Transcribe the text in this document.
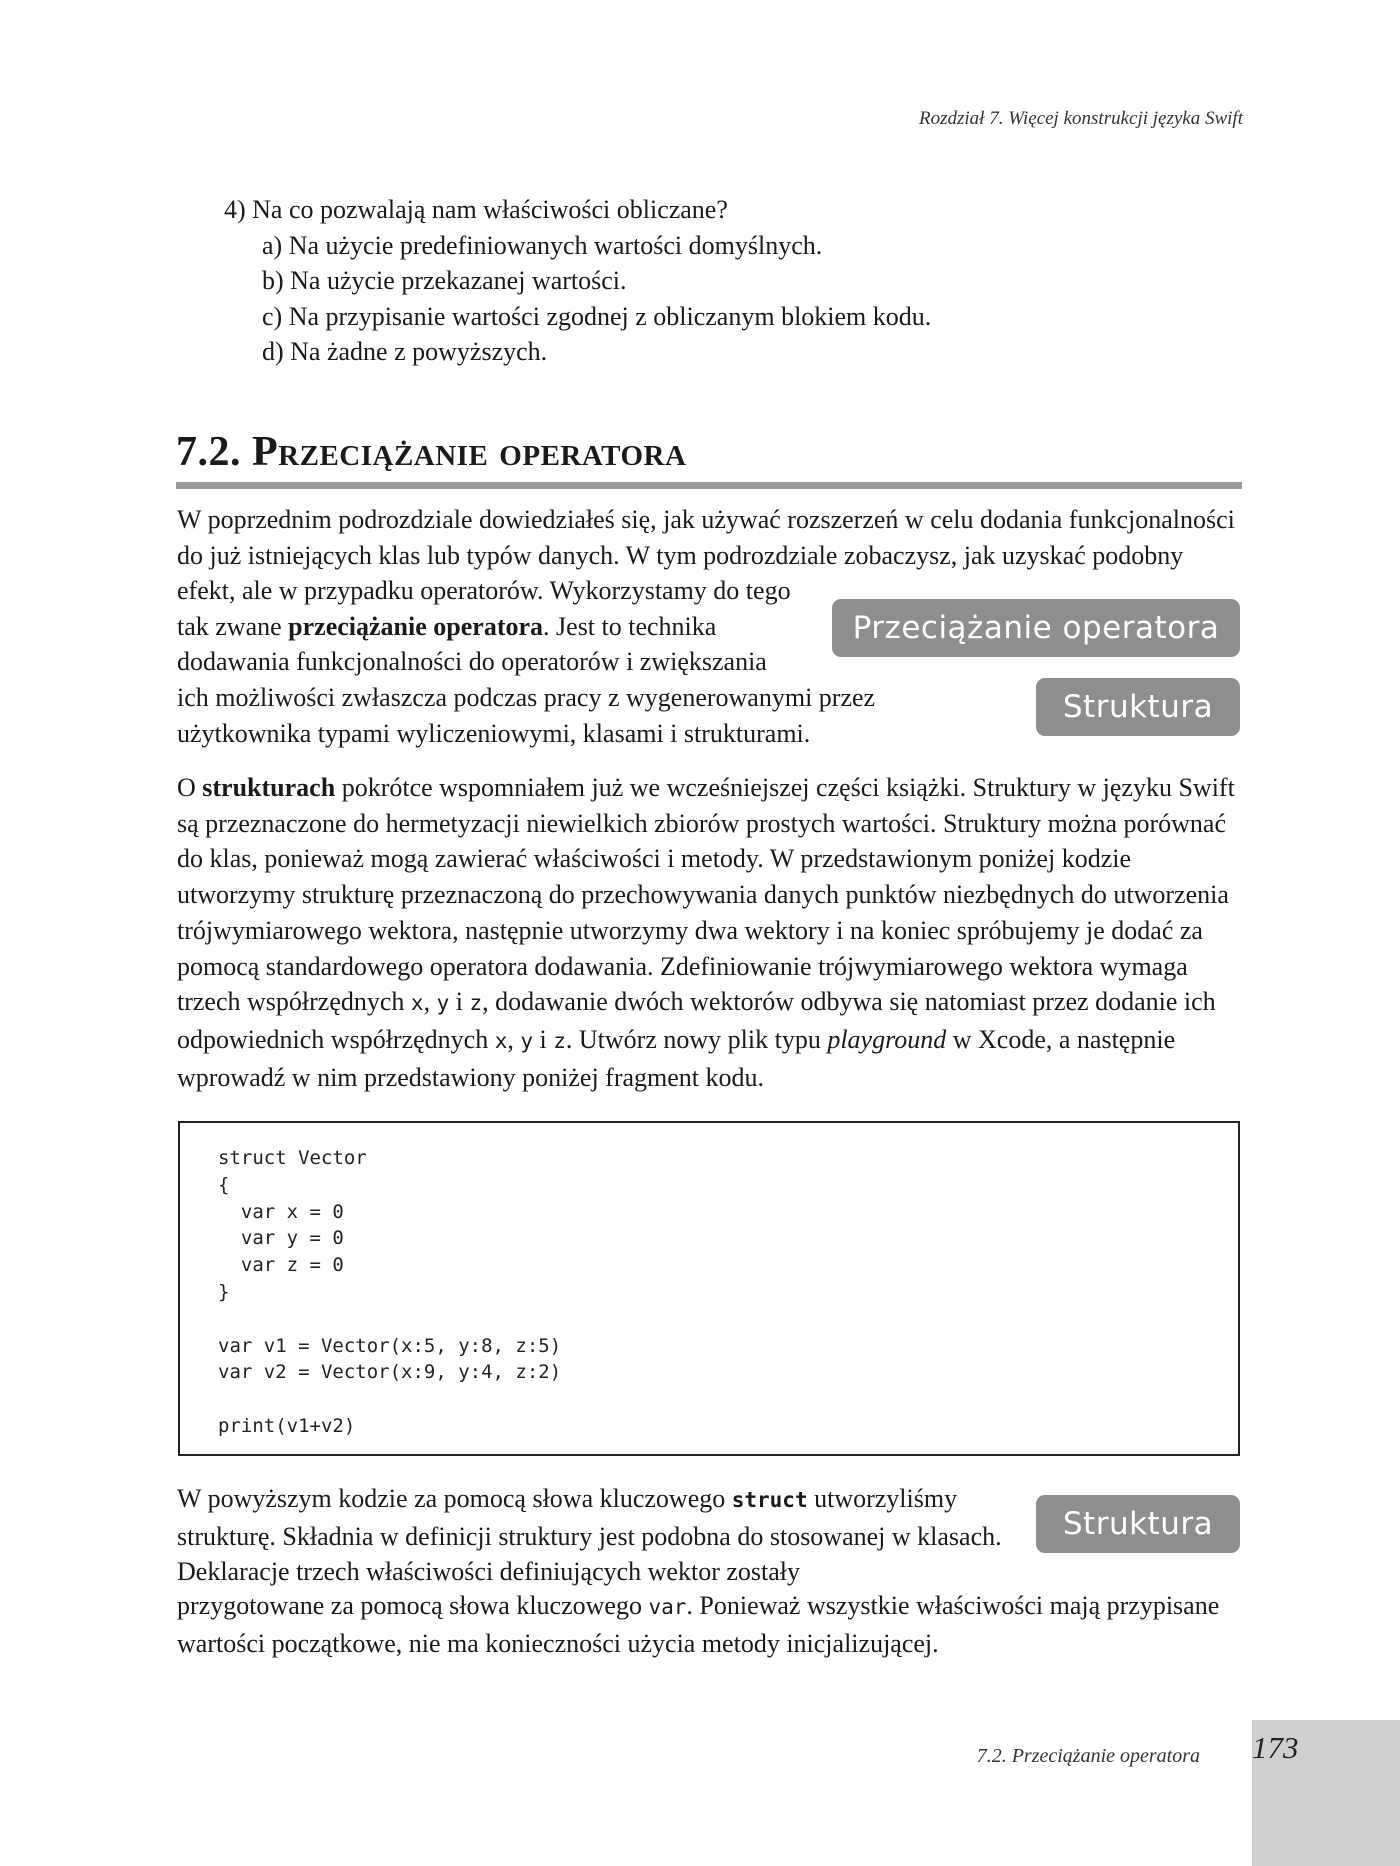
Rozdział 7. Więcej konstrukcji języka Swift

4) Na co pozwalają nam właściwości obliczane?

a) Na użycie predefiniowanych wartości domyślnych.

b) Na użycie przekazanej wartości.

c) Na przypisanie wartości zgodnej z obliczanym blokiem kodu.

d) Na żadne z powyższych.

7.2. Przeciążanie operatora

W poprzednim podrozdziale dowiedziałeś się, jak używać rozszerzeń w celu dodania funkcjonalności do już istniejących klas lub typów danych. W tym podrozdziale zobaczysz, jak uzyskać podobny

efekt, ale w przypadku operatorów. Wykorzystamy do tego tak zwane przeciążanie operatora. Jest to technika dodawania funkcjonalności do operatorów i zwiększania

ich możliwości zwłaszcza podczas pracy z wygenerowanymi przez użytkownika typami wyliczeniowymi, klasami i strukturami.

Przeciążanie operatora
Struktura

O strukturach pokrótce wspomniałem już we wcześniejszej części książki. Struktury w języku Swift są przeznaczone do hermetyzacji niewielkich zbiorów prostych wartości. Struktury można porównać do klas, ponieważ mogą zawierać właściwości i metody. W przedstawionym poniżej kodzie utworzymy strukturę przeznaczoną do przechowywania danych punktów niezbędnych do utworzenia trójwymiarowego wektora, następnie utworzymy dwa wektory i na koniec spróbujemy je dodać za pomocą standardowego operatora dodawania. Zdefiniowanie trójwymiarowego wektora wymaga trzech współrzędnych x, y i z, dodawanie dwóch wektorów odbywa się natomiast przez dodanie ich odpowiednich współrzędnych x, y i z. Utwórz nowy plik typu playground w Xcode, a następnie wprowadź w nim przedstawiony poniżej fragment kodu.

struct Vector
{
var x = 0
var y = 0
var z = 0
}

var v1 = Vector(x:5, y:8, z:5)
var v2 = Vector(x:9, y:4, z:2)

print(v1+v2)

W powyższym kodzie za pomocą słowa kluczowego struct utworzyliśmy strukturę. Składnia w definicji struktury jest podobna do stosowanej w klasach. Deklaracje trzech właściwości definiujących wektor zostały

Struktura

przygotowane za pomocą słowa kluczowego var. Ponieważ wszystkie właściwości mają przypisane wartości początkowe, nie ma konieczności użycia metody inicjalizującej.

7.2. Przeciążanie operatora 173
